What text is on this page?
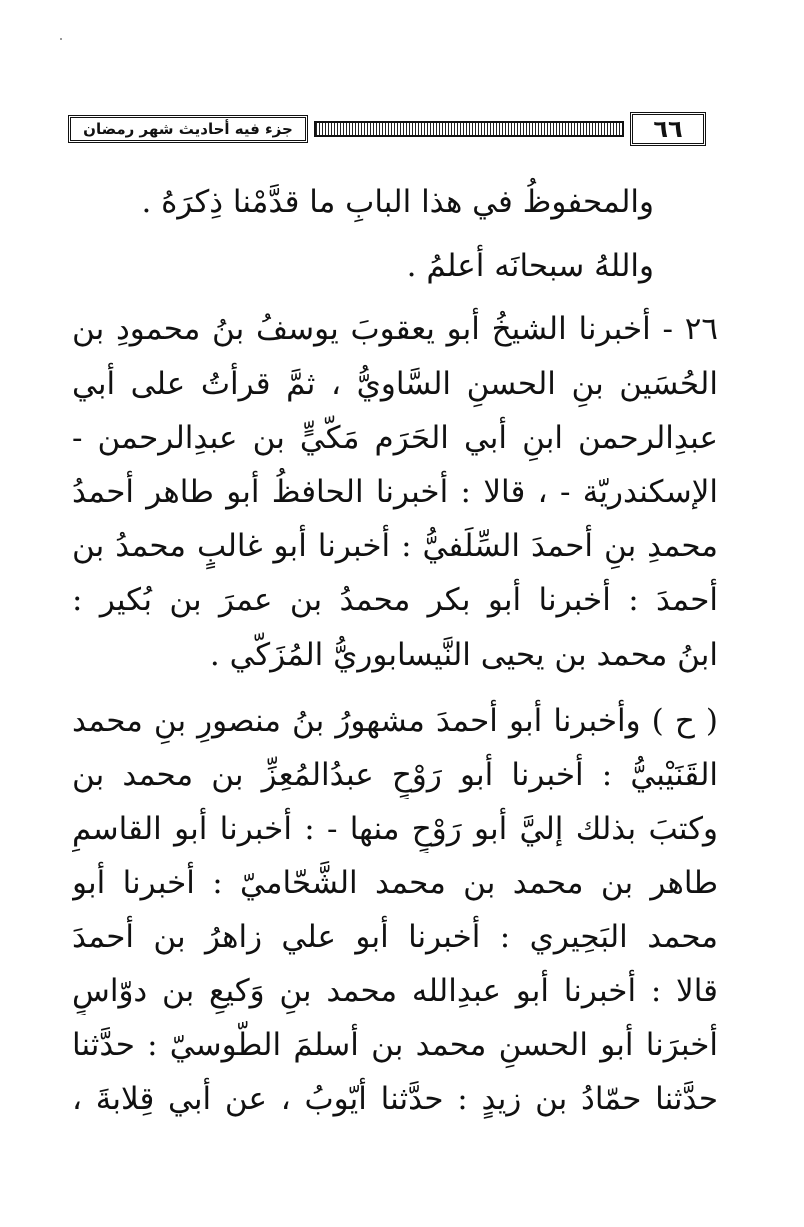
جزء فيه أحاديث شهر رمضان	٦٦
والمحفوظُ في هذا البابِ ما قدَّمْنا ذِكرَهُ .
واللهُ سبحانَه أعلمُ .
٢٦ - أخبرنا الشيخُ أبو يعقوبَ يوسفُ بنُ محمودِ بن
الحُسَين بنِ الحسنِ السَّاويُّ ، ثمَّ قرأتُ على أبي
عبدِالرحمن ابنِ أبي الحَرَم مَكّيٍّ بن عبدِالرحمن -
الإسكندريّة - ، قالا : أخبرنا الحافظُ أبو طاهر أحمدُ
محمدِ بنِ أحمدَ السِّلَفيُّ : أخبرنا أبو غالبٍ محمدُ بن
أحمدَ : أخبرنا أبو بكر محمدُ بن عمرَ بن بُكير :
ابنُ محمد بن يحيى النَّيسابوريُّ المُزَكّي .
( ح ) وأخبرنا أبو أحمدَ مشهورُ بنُ منصورِ بنِ محمد
القَنَيْبيُّ : أخبرنا أبو رَوْحٍ عبدُالمُعِزِّ بن محمد بن
وكتبَ بذلك إليَّ أبو رَوْحٍ منها - : أخبرنا أبو القاسمِ
طاهر بن محمد بن محمد الشَّحّاميّ : أخبرنا أبو
محمد البَحِيري : أخبرنا أبو علي زاهرُ بن أحمدَ
قالا : أخبرنا أبو عبدِالله محمد بنِ وَكيعِ بن دوّاسٍ
أخبرَنا أبو الحسنِ محمد بن أسلمَ الطُّوسيّ : حدَّثنا
حدَّثنا حمّادُ بن زيدٍ : حدَّثنا أيّوبُ ، عن أبي قِلابةَ ،
